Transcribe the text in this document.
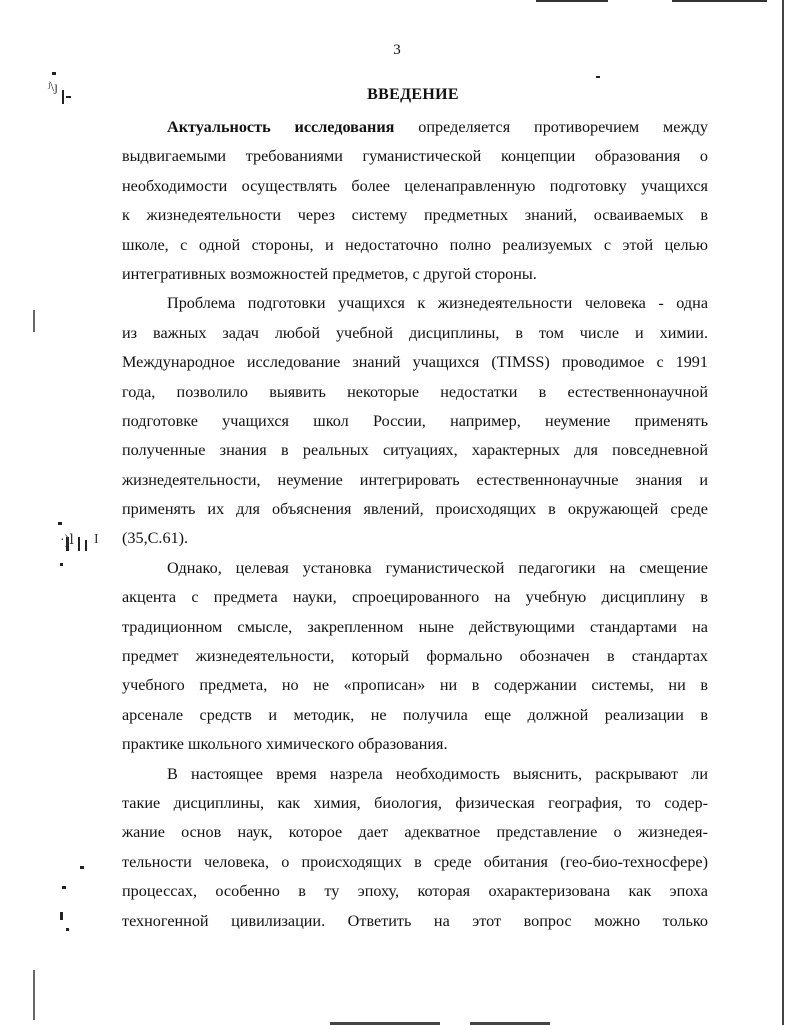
3
ВВЕДЕНИЕ
Актуальность исследования определяется противоречием между
выдвигаемыми требованиями гуманистической концепции образования о
необходимости осуществлять более целенаправленную подготовку учащихся
к жизнедеятельности через систему предметных знаний, осваиваемых в
школе, с одной стороны, и недостаточно полно реализуемых с этой целью
интегративных возможностей предметов, с другой стороны.
Проблема подготовки учащихся к жизнедеятельности человека - одна
из важных задач любой учебной дисциплины, в том числе и химии.
Международное исследование знаний учащихся (TIMSS) проводимое с 1991
года, позволило выявить некоторые недостатки в естественнонаучной
подготовке учащихся школ России, например, неумение применять
полученные знания в реальных ситуациях, характерных для повседневной
жизнедеятельности, неумение интегрировать естественнонаучные знания и
применять их для объяснения явлений, происходящих в окружающей среде
(35,С.61).
Однако, целевая установка гуманистической педагогики на смещение
акцента с предмета науки, спроецированного на учебную дисциплину в
традиционном смысле, закрепленном ныне действующими стандартами на
предмет жизнедеятельности, который формально обозначен в стандартах
учебного предмета, но не «прописан» ни в содержании системы, ни в
арсенале средств и методик, не получила еще должной реализации в
практике школьного химического образования.
В настоящее время назрела необходимость выяснить, раскрывают ли
такие дисциплины, как химия, биология, физическая география, то содер-
жание основ наук, которое дает адекватное представление о жизнедея-
тельности человека, о происходящих в среде обитания (гео-био-техносфере)
процессах, особенно в ту эпоху, которая охарактеризована как эпоха
техногенной цивилизации. Ответить на этот вопрос можно только
ʲ\ȷ
·)ⅼ I
